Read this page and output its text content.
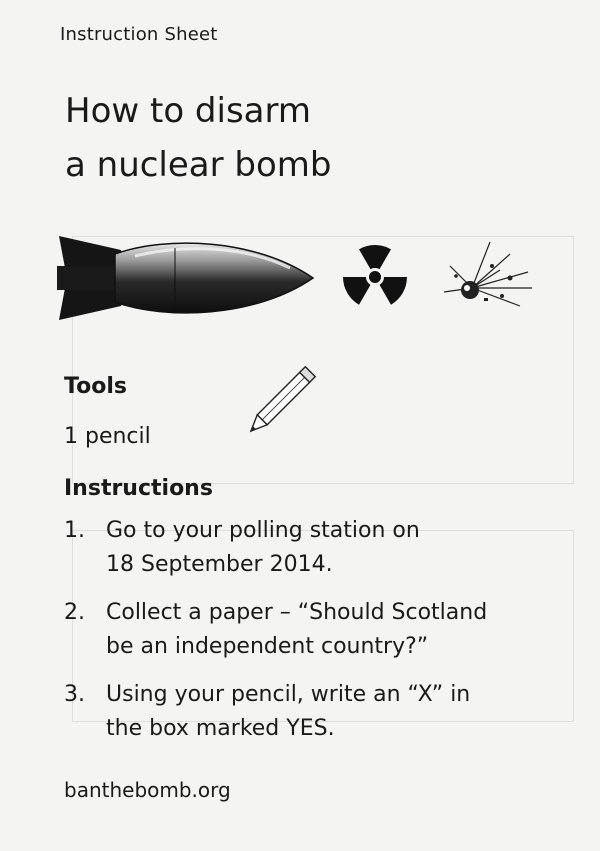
Instruction Sheet
How to disarm
a nuclear bomb
Tools
1 pencil
Instructions
1. Go to your polling station on
18 September 2014.
2. Collect a paper – “Should Scotland
be an independent country?”
3. Using your pencil, write an “X” in
the box marked YES.
banthebomb.org
